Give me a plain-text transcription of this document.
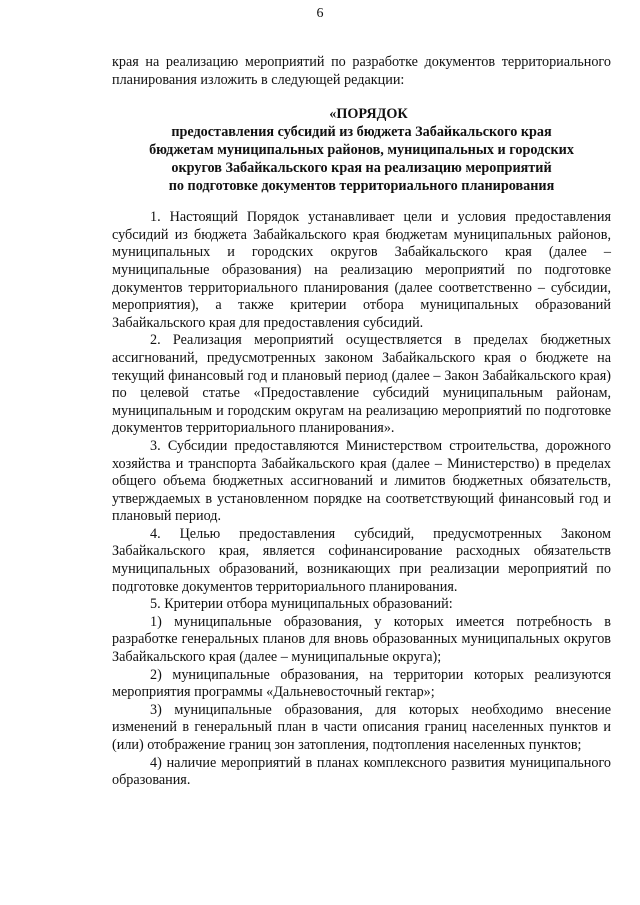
6

края на реализацию мероприятий по разработке документов территориального планирования изложить в следующей редакции:

«ПОРЯДОК
предоставления субсидий из бюджета Забайкальского края
бюджетам муниципальных районов, муниципальных и городских
округов Забайкальского края на реализацию мероприятий
по подготовке документов территориального планирования

1. Настоящий Порядок устанавливает цели и условия предоставления субсидий из бюджета Забайкальского края бюджетам муниципальных районов, муниципальных и городских округов Забайкальского края (далее – муниципальные образования) на реализацию мероприятий по подготовке документов территориального планирования (далее соответственно – субсидии, мероприятия), а также критерии отбора муниципальных образований Забайкальского края для предоставления субсидий.

2. Реализация мероприятий осуществляется в пределах бюджетных ассигнований, предусмотренных законом Забайкальского края о бюджете на текущий финансовый год и плановый период (далее – Закон Забайкальского края) по целевой статье «Предоставление субсидий муниципальным районам, муниципальным и городским округам на реализацию мероприятий по подготовке документов территориального планирования».

3. Субсидии предоставляются Министерством строительства, дорожного хозяйства и транспорта Забайкальского края (далее – Министерство) в пределах общего объема бюджетных ассигнований и лимитов бюджетных обязательств, утверждаемых в установленном порядке на соответствующий финансовый год и плановый период.

4. Целью предоставления субсидий, предусмотренных Законом Забайкальского края, является софинансирование расходных обязательств муниципальных образований, возникающих при реализации мероприятий по подготовке документов территориального планирования.

5. Критерии отбора муниципальных образований:

1) муниципальные образования, у которых имеется потребность в разработке генеральных планов для вновь образованных муниципальных округов Забайкальского края (далее – муниципальные округа);

2) муниципальные образования, на территории которых реализуются мероприятия программы «Дальневосточный гектар»;

3) муниципальные образования, для которых необходимо внесение изменений в генеральный план в части описания границ населенных пунктов и (или) отображение границ зон затопления, подтопления населенных пунктов;

4) наличие мероприятий в планах комплексного развития муниципального образования.
